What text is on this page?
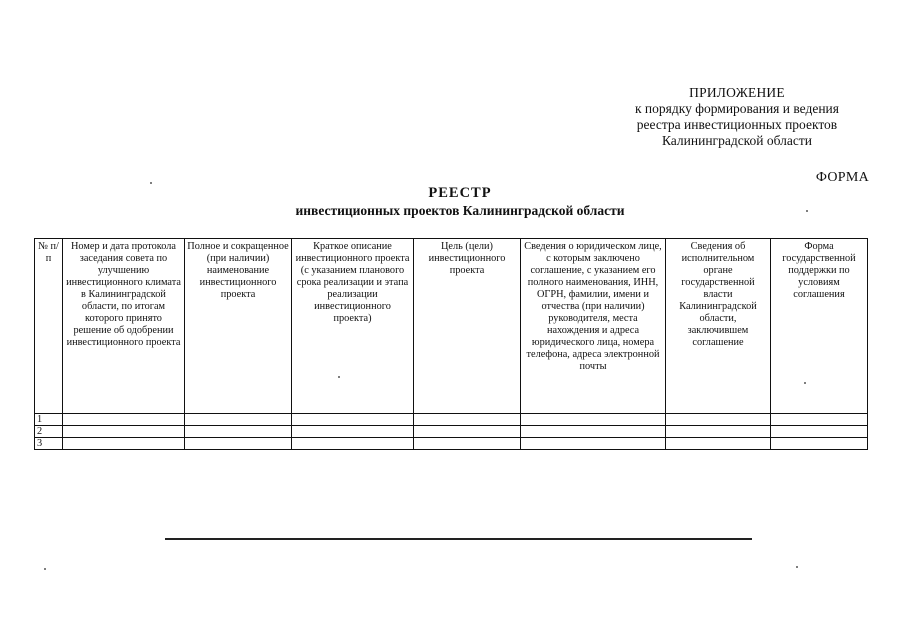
ПРИЛОЖЕНИЕ
к порядку формирования и ведения
реестра инвестиционных проектов
Калининградской области
ФОРМА
РЕЕСТР
инвестиционных проектов Калининградской области
№ п/п	Номер и дата протокола заседания совета по улучшению инвестиционного климата в Калининградской области, по итогам которого принято решение об одобрении инвестиционного проекта	Полное и сокращенное (при наличии) наименование инвестиционного проекта	Краткое описание инвестиционного проекта (с указанием планового срока реализации и этапа реализации инвестиционного проекта)	Цель (цели) инвестиционного проекта	Сведения о юридическом лице, с которым заключено соглашение, с указанием его полного наименования, ИНН, ОГРН, фамилии, имени и отчества (при наличии) руководителя, места нахождения и адреса юридического лица, номера телефона, адреса электронной почты	Сведения об исполнительном органе государственной власти Калининградской области, заключившем соглашение	Форма государственной поддержки по условиям соглашения
1							
2							
3							
